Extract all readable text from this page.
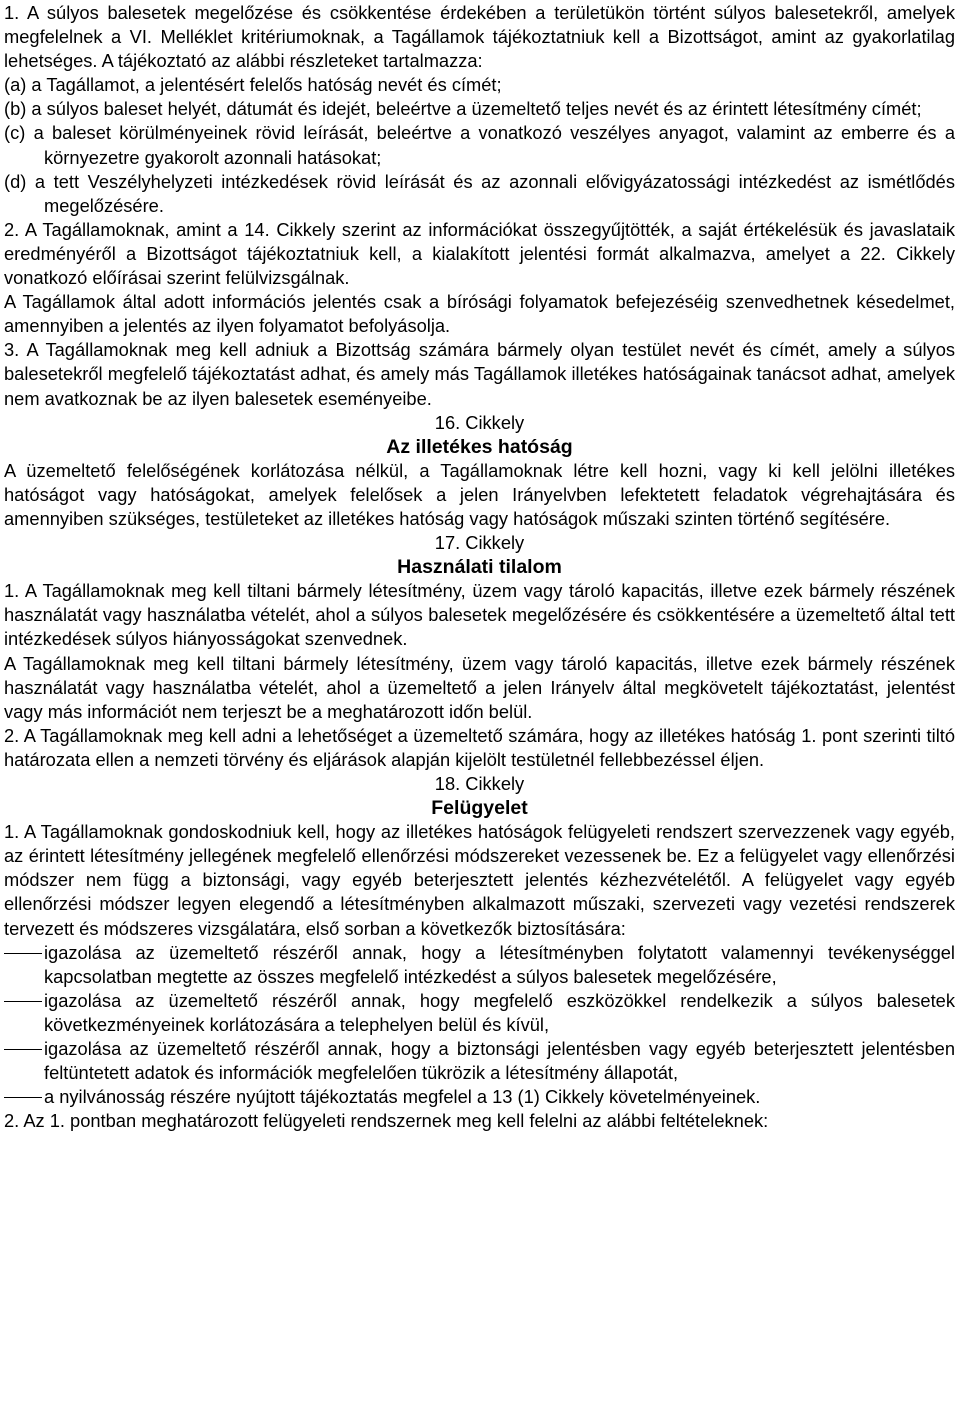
1. A súlyos balesetek megelőzése és csökkentése érdekében a területükön történt súlyos balesetekről, amelyek megfelelnek a VI. Melléklet kritériumoknak, a Tagállamok tájékoztatniuk kell a Bizottságot, amint az gyakorlatilag lehetséges. A tájékoztató az alábbi részleteket tartalmazza:

(a) a Tagállamot, a jelentésért felelős hatóság nevét és címét;

(b) a súlyos baleset helyét, dátumát és idejét, beleértve a üzemeltető teljes nevét és az érintett létesítmény címét;

(c) a baleset körülményeinek rövid leírását, beleértve a vonatkozó veszélyes anyagot, valamint az emberre és a környezetre gyakorolt azonnali hatásokat;

(d) a tett Veszélyhelyzeti intézkedések rövid leírását és az azonnali elővigyázatossági intézkedést az ismétlődés megelőzésére.

2. A Tagállamoknak, amint a 14. Cikkely szerint az információkat összegyűjtötték, a saját értékelésük és javaslataik eredményéről a Bizottságot tájékoztatniuk kell, a kialakított jelentési formát alkalmazva, amelyet a 22. Cikkely vonatkozó előírásai szerint felülvizsgálnak.

A Tagállamok által adott információs jelentés csak a bírósági folyamatok befejezéséig szenvedhetnek késedelmet, amennyiben a jelentés az ilyen folyamatot befolyásolja.

3. A Tagállamoknak meg kell adniuk a Bizottság számára bármely olyan testület nevét és címét, amely a súlyos balesetekről megfelelő tájékoztatást adhat, és amely más Tagállamok illetékes hatóságainak tanácsot adhat, amelyek nem avatkoznak be az ilyen balesetek eseményeibe.

16. Cikkely

Az illetékes hatóság

A üzemeltető felelőségének korlátozása nélkül, a Tagállamoknak létre kell hozni, vagy ki kell jelölni illetékes hatóságot vagy hatóságokat, amelyek felelősek a jelen Irányelvben lefektetett feladatok végrehajtására és amennyiben szükséges, testületeket az illetékes hatóság vagy hatóságok műszaki szinten történő segítésére.

17. Cikkely

Használati tilalom

1. A Tagállamoknak meg kell tiltani bármely létesítmény, üzem vagy tároló kapacitás, illetve ezek bármely részének használatát vagy használatba vételét, ahol a súlyos balesetek megelőzésére és csökkentésére a üzemeltető által tett intézkedések súlyos hiányosságokat szenvednek.

A Tagállamoknak meg kell tiltani bármely létesítmény, üzem vagy tároló kapacitás, illetve ezek bármely részének használatát vagy használatba vételét, ahol a üzemeltető a jelen Irányelv által megkövetelt tájékoztatást, jelentést vagy más információt nem terjeszt be a meghatározott időn belül.

2. A Tagállamoknak meg kell adni a lehetőséget a üzemeltető számára, hogy az illetékes hatóság 1. pont szerinti tiltó határozata ellen a nemzeti törvény és eljárások alapján kijelölt testületnél fellebbezéssel éljen.

18. Cikkely

Felügyelet

1. A Tagállamoknak gondoskodniuk kell, hogy az illetékes hatóságok felügyeleti rendszert szervezzenek vagy egyéb, az érintett létesítmény jellegének megfelelő ellenőrzési módszereket vezessenek be. Ez a felügyelet vagy ellenőrzési módszer nem függ a biztonsági, vagy egyéb beterjesztett jelentés kézhezvételétől. A felügyelet vagy egyéb ellenőrzési módszer legyen elegendő a létesítményben alkalmazott műszaki, szervezeti vagy vezetési rendszerek tervezett és módszeres vizsgálatára, első sorban a következők biztosítására:

igazolása az üzemeltető részéről annak, hogy a létesítményben folytatott valamennyi tevékenységgel kapcsolatban megtette az összes megfelelő intézkedést a súlyos balesetek megelőzésére,
igazolása az üzemeltető részéről annak, hogy megfelelő eszközökkel rendelkezik a súlyos balesetek következményeinek korlátozására a telephelyen belül és kívül,
igazolása az üzemeltető részéről annak, hogy a biztonsági jelentésben vagy egyéb beterjesztett jelentésben feltüntetett adatok és információk megfelelően tükrözik a létesítmény állapotát,
a nyilvánosság részére nyújtott tájékoztatás megfelel a 13 (1) Cikkely követelményeinek.

2. Az 1. pontban meghatározott felügyeleti rendszernek meg kell felelni az alábbi feltételeknek:
